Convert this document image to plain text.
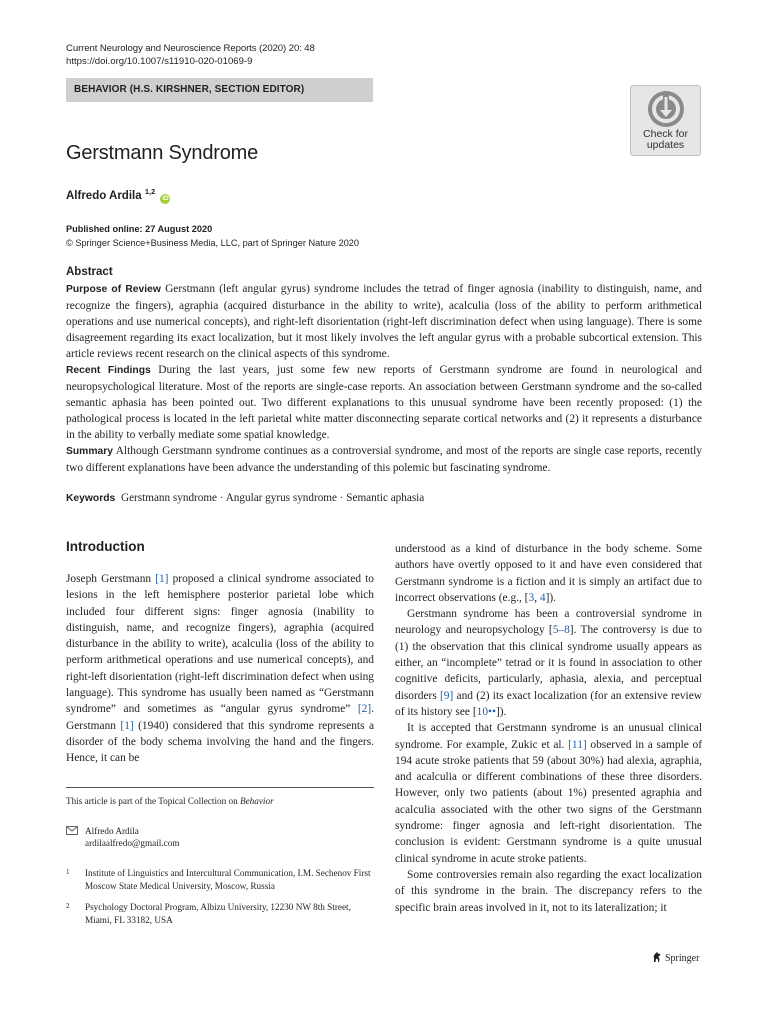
Current Neurology and Neuroscience Reports (2020) 20: 48
https://doi.org/10.1007/s11910-020-01069-9
BEHAVIOR (H.S. KIRSHNER, SECTION EDITOR)
Check for
updates
Gerstmann Syndrome
Alfredo Ardila $^{1,2}$ iD
Published online: 27 August 2020
© Springer Science+Business Media, LLC, part of Springer Nature 2020
Abstract

Purpose of Review Gerstmann (left angular gyrus) syndrome includes the tetrad of finger agnosia (inability to distinguish, name, and recognize the fingers), agraphia (acquired disturbance in the ability to write), acalculia (loss of the ability to perform arithmetical operations and use numerical concepts), and right-left disorientation (right-left discrimination defect when using language). There is some disagreement regarding its exact localization, but it most likely involves the left angular gyrus with a probable subcortical extension. This article reviews recent research on the clinical aspects of this syndrome.

Recent Findings During the last years, just some few new reports of Gerstmann syndrome are found in neurological and neuropsychological literature. Most of the reports are single-case reports. An association between Gerstmann syndrome and the so-called semantic aphasia has been pointed out. Two different explanations to this unusual syndrome have been recently proposed: (1) the pathological process is located in the left parietal white matter disconnecting separate cortical networks and (2) it represents a disturbance in the ability to verbally mediate some spatial knowledge.

Summary Although Gerstmann syndrome continues as a controversial syndrome, and most of the reports are single case reports, recently two different explanations have been advance the understanding of this polemic but fascinating syndrome.

Keywords Gerstmann syndrome · Angular gyrus syndrome · Semantic aphasia
Introduction

Joseph Gerstmann [1] proposed a clinical syndrome associated to lesions in the left hemisphere posterior parietal lobe which included four different signs: finger agnosia (inability to distinguish, name, and recognize fingers), agraphia (acquired disturbance in the ability to write), acalculia (loss of the ability to perform arithmetical operations and use numerical concepts), and right-left disorientation (right-left discrimination defect when using language). This syndrome has usually been named as “Gerstmann syndrome” and sometimes as “angular gyrus syndrome” [2]. Gerstmann [1] (1940) considered that this syndrome represents a disorder of the body schema involving the hand and the fingers. Hence, it can be

understood as a kind of disturbance in the body scheme. Some authors have overtly opposed to it and have even considered that Gerstmann syndrome is a fiction and it is simply an artifact due to incorrect observations (e.g., [3, 4]).

Gerstmann syndrome has been a controversial syndrome in neurology and neuropsychology [5–8]. The controversy is due to (1) the observation that this clinical syndrome usually appears as either, an “incomplete” tetrad or it is found in association to other cognitive deficits, particularly, aphasia, alexia, and perceptual disorders [9] and (2) its exact localization (for an extensive review of its history see [10••]).

It is accepted that Gerstmann syndrome is an unusual clinical syndrome. For example, Zukic et al. [11] observed in a sample of 194 acute stroke patients that 59 (about 30%) had alexia, agraphia, and acalculia or different combinations of these three disorders. However, only two patients (about 1%) presented agraphia and acalculia associated with the other two signs of the Gerstmann syndrome: finger agnosia and left-right disorientation. The conclusion is evident: Gerstmann syndrome is a quite unusual clinical syndrome in acute stroke patients.

Some controversies remain also regarding the exact localization of this syndrome in the brain. The discrepancy refers to the specific brain areas involved in it, not to its lateralization; it

This article is part of the Topical Collection on Behavior
Alfredo Ardila
ardilaalfredo@gmail.com
1 Institute of Linguistics and Intercultural Communication, I.M. Sechenov First Moscow State Medical University, Moscow, Russia
2 Psychology Doctoral Program, Albizu University, 12230 NW 8th Street, Miami, FL 33182, USA
Springer
